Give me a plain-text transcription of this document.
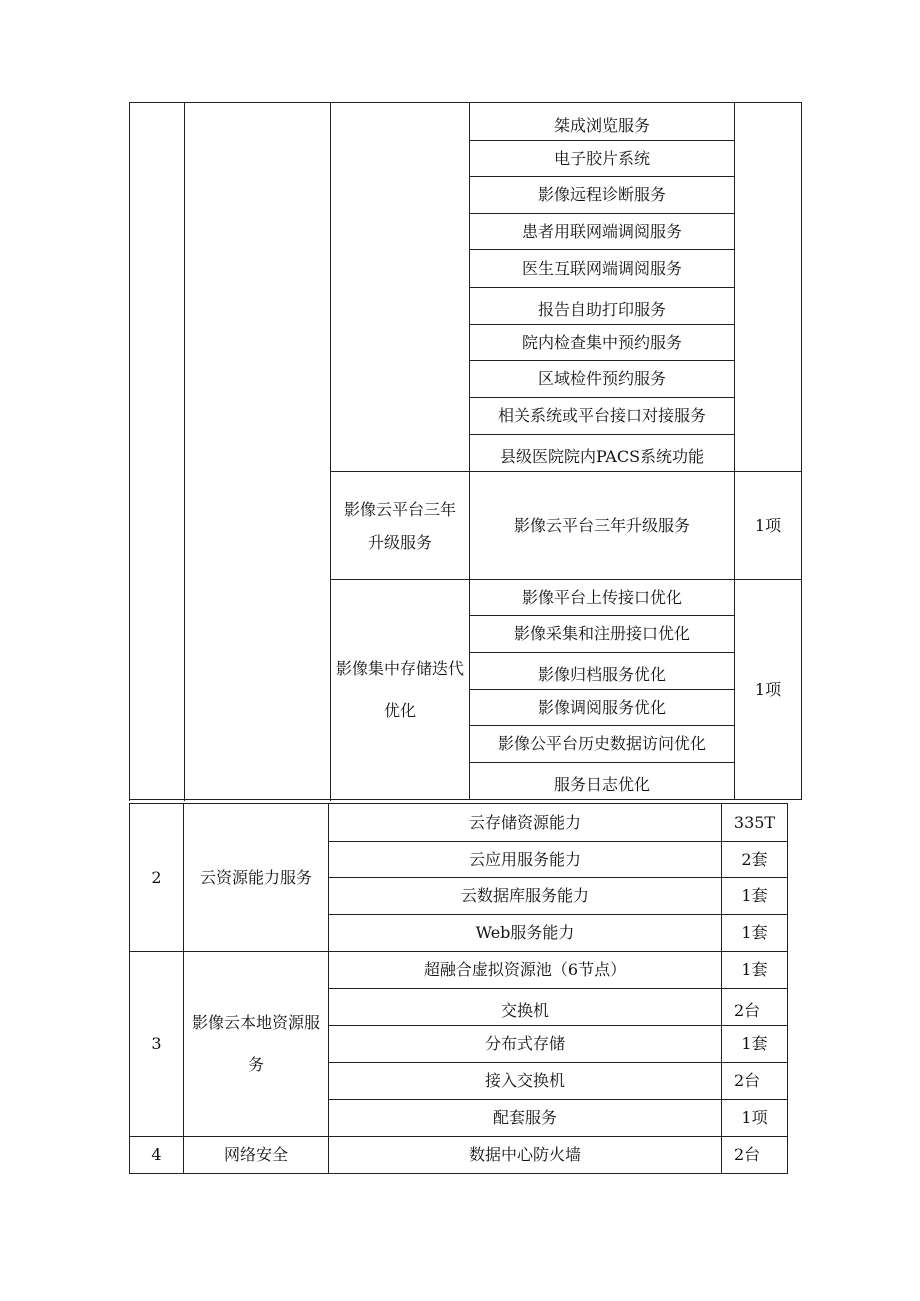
			桀成浏览服务	
			电子胶片系统	
			影像远程诊断服务	
			患者用联网端调阅服务	
			医生互联网端调阅服务	
			报告自助打印服务	
			院内检查集中预约服务	
			区域检件预约服务	
			相关系统或平台接口对接服务	
			县级医院院内PACS系统功能	
		影像云平台三年升级服务	影像云平台三年升级服务	1项
		影像集中存储迭代优化	影像平台上传接口优化	1项
			影像采集和注册接口优化	
			影像归档服务优化	
			影像调阅服务优化	
			影像公平台历史数据访问优化	
			服务日志优化	

2	云资源能力服务	云存储资源能力	335T
		云应用服务能力	2套
		云数据库服务能力	1套
		Web服务能力	1套
3	影像云本地资源服务	超融合虚拟资源池（6节点）	1套
		交换机	2台
		分布式存储	1套
		接入交换机	2台
		配套服务	1项
4	网络安全	数据中心防火墙	2台
